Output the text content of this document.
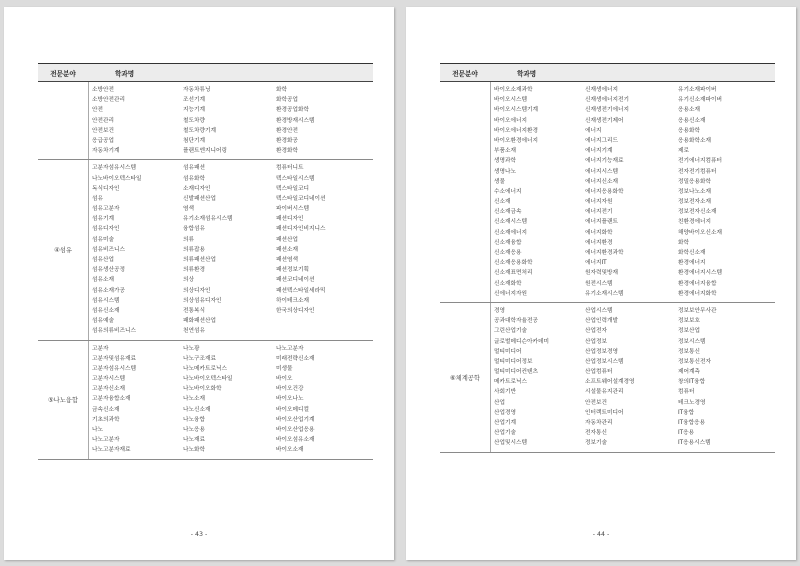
전문분야	학과명
소방안전	자동차튜닝	화학
소방안전관리	조선기계	화학공업
안전	지능기계	환경공업화학
안전관리	철도차량	환경방재시스템
안전보건	철도차량기계	환경안전
응급공업	첨단기계	환경화공
자동차기계	플랜트엔지니어링	환경화학
④섬유
고분자섬유시스템	섬유패션	컴퓨터니트
나노바이오텍스타일	섬유화학	텍스타일시스템
독식디자인	소재디자인	텍스타일코디
섬유	신발패션산업	텍스타일코디네이션
섬유고분자	염색	파이버시스템
섬유기계	유기소재섬유시스템	패션디자인
섬유디자인	융합섬유	패션디자인비지니스
섬유미술	의류	패션산업
섬유비즈니스	의류잡용	패션소재
섬유산업	의류패션산업	패션염색
섬유생산공정	의류환경	패션정보기획
섬유소재	의상	패션코디네이션
섬유소재가공	의상디자인	패션텍스타일세라믹
섬유시스템	의상섬유디자인	하이테크소재
섬유신소재	전통복식	한국의상디자인
섬유예술	패화패션산업
섬유의류비즈니스	천연섬유
⑤나노융합
고분자	나노광	나노고분자
고분자및섬유재료	나노구조재료	미래전략신소재
고분자섬유시스템	나노메카트로닉스	미생물
고분자시스템	나노바이오텍스타일	바이오
고분자신소재	나노바이오화학	바이오건강
고분자융합소재	나노소재	바이오나노
금속신소재	나노신소재	바이오메디컬
기초의과학	나노융합	바이오산업기계
나노	나노응용	바이오산업응용
나노고분자	나노재료	바이오섬유소재
나노고분자재료	나노화학	바이오소재
- 43 -
전문분야	학과명
바이오소재과학	신재생에너지	유기소재파이버
바이오시스템	신재생에너지전기	유기신소재파이버
바이오시스템기계	신재생전기에너지	응용소재
바이오에너지	신재생전기제어	응용신소재
바이오에너지환경	에너지	응용화학
바이오환경에너지	에너지그리드	응용화학소재
부품소재	에너지기계	제로
생명과학	에너지기능재료	전기에너지컴퓨터
생명나노	에너지시스템	전자전기컴퓨터
생물	에너지신소재	정밀응용화학
수소에너지	에너지응용화학	정보나노소재
신소재	에너지자원	정보전자소재
신소재금속	에너지전기	정보전자신소재
신소재시스템	에너지플랜트	친환경에너지
신소재에너지	에너지화학	해양바이오신소재
신소재융합	에너지환경	화학
신소재응용	에너지환경과학	화학신소재
신소재응용화학	에너지IT	환경에너지
신소재표면처리	원자력및방재	환경에너지시스템
신소재화학	원전시스템	환경에너지융합
신에너지자원	유기소재시스템	환경에너지화학
⑥체계공학
경영	산업시스템	정보보안무사관
공과대학자율전공	산업인력개발	정보보호
그린산업기술	산업전자	정보산업
글로벌메디슨아카데미	산업정보	정보시스템
멀티미디어	산업정보경영	정보통신
멀티미디어정보	산업정보시스템	정보통신전자
멀티미디어컨텐츠	산업컴퓨터	제어계측
메카트로닉스	소프트웨어설계경영	창의IT융합
사회기반	시설물유지관리	컴퓨터
산업	안전보건	테크노경영
산업경영	인터랙트미디어	IT융합
산업기계	자동차관리	IT융합응용
산업기술	전자통신	IT응용
산업및시스템	정보기술	IT응용시스템
- 44 -
